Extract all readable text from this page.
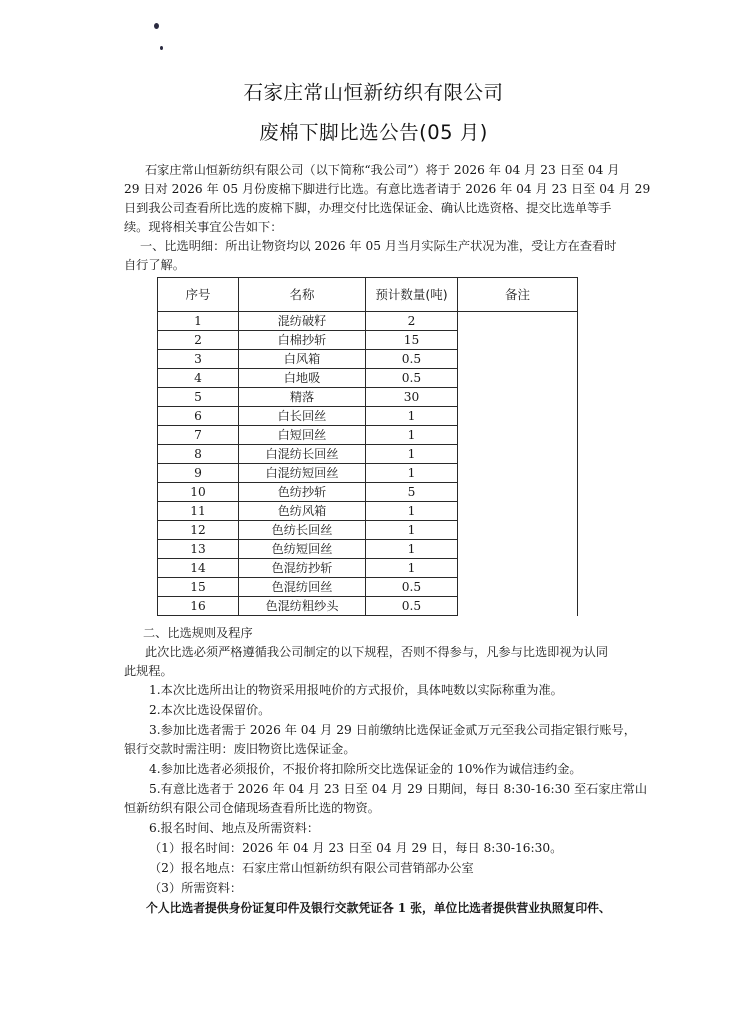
石家庄常山恒新纺织有限公司
废棉下脚比选公告(05 月)
石家庄常山恒新纺织有限公司（以下简称“我公司”）将于 2026 年 04 月 23 日至 04 月
29 日对 2026 年 05 月份废棉下脚进行比选。有意比选者请于 2026 年 04 月 23 日至 04 月 29
日到我公司查看所比选的废棉下脚，办理交付比选保证金、确认比选资格、提交比选单等手
续。现将相关事宜公告如下：
一、比选明细：所出让物资均以 2026 年 05 月当月实际生产状况为准，受让方在查看时
自行了解。
序号	名称	预计数量(吨)	备注
1	混纺破籽	2	
2	白棉抄斩	15	
3	白风箱	0.5	
4	白地吸	0.5	
5	精落	30	
6	白长回丝	1	
7	白短回丝	1	
8	白混纺长回丝	1	
9	白混纺短回丝	1	
10	色纺抄斩	5	
11	色纺风箱	1	
12	色纺长回丝	1	
13	色纺短回丝	1	
14	色混纺抄斩	1	
15	色混纺回丝	0.5	
16	色混纺粗纱头	0.5	
二、比选规则及程序
此次比选必须严格遵循我公司制定的以下规程，否则不得参与，凡参与比选即视为认同
此规程。
1.本次比选所出让的物资采用报吨价的方式报价，具体吨数以实际称重为准。
2.本次比选设保留价。
3.参加比选者需于 2026 年 04 月 29 日前缴纳比选保证金贰万元至我公司指定银行账号，
银行交款时需注明：废旧物资比选保证金。
4.参加比选者必须报价，不报价将扣除所交比选保证金的 10%作为诚信违约金。
5.有意比选者于 2026 年 04 月 23 日至 04 月 29 日期间，每日 8:30-16:30 至石家庄常山
恒新纺织有限公司仓储现场查看所比选的物资。
6.报名时间、地点及所需资料：
（1）报名时间：2026 年 04 月 23 日至 04 月 29 日，每日 8:30-16:30。
（2）报名地点：石家庄常山恒新纺织有限公司营销部办公室
（3）所需资料：
个人比选者提供身份证复印件及银行交款凭证各 1 张，单位比选者提供营业执照复印件、
